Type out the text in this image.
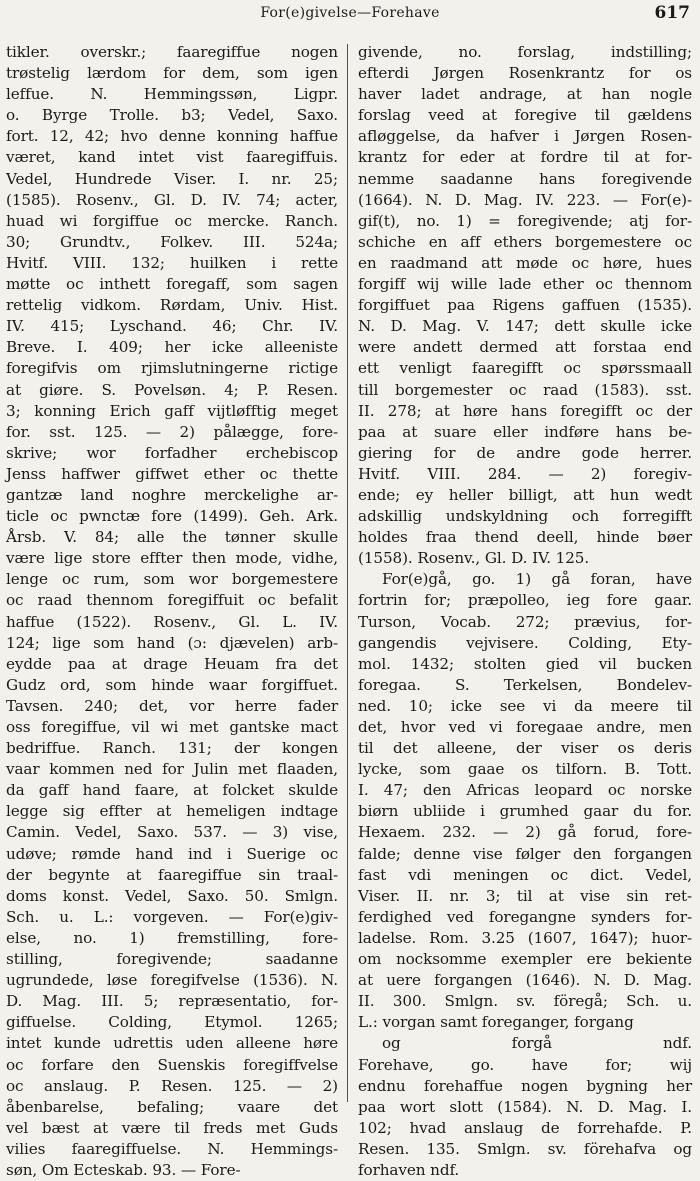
For(e)givelse—Forehave	617
tikler. overskr.; faaregiffue nogen
trøstelig lærdom for dem, som igen
leffue. N. Hemmingssøn, Ligpr.
o. Byrge Trolle. b3; Vedel, Saxo.
fort. 12, 42; hvo denne konning haffue
været, kand intet vist faaregiffuis.
Vedel, Hundrede Viser. I. nr. 25;
(1585). Rosenv., Gl. D. IV. 74; acter,
huad wi forgiffue oc mercke. Ranch.
30; Grundtv., Folkev. III. 524a;
Hvitf. VIII. 132; huilken i rette
møtte oc inthett foregaff, som sagen
rettelig vidkom. Rørdam, Univ. Hist.
IV. 415; Lyschand. 46; Chr. IV.
Breve. I. 409; her icke alleeniste
foregifvis om rjimslutningerne rictige
at giøre. S. Povelsøn. 4; P. Resen.
3; konning Erich gaff vijtløfftig meget
for. sst. 125. — 2) pålægge, fore-
skrive; wor forfadher erchebiscop
Jenss haffwer giffwet ether oc thette
gantzæ land noghre merckelighe ar-
ticle oc pwnctæ fore (1499). Geh. Ark.
Årsb. V. 84; alle the tønner skulle
være lige store effter then mode, vidhe,
lenge oc rum, som wor borgemestere
oc raad thennom foregiffuit oc befalit
haffue (1522). Rosenv., Gl. L. IV.
124; lige som hand (ɔ: djævelen) arb-
eydde paa at drage Heuam fra det
Gudz ord, som hinde waar forgiffuet.
Tavsen. 240; det, vor herre fader
oss foregiffue, vil wi met gantske mact
bedriffue. Ranch. 131; der kongen
vaar kommen ned for Julin met flaaden,
da gaff hand faare, at folcket skulde
legge sig effter at hemeligen indtage
Camin. Vedel, Saxo. 537. — 3) vise,
udøve; rømde hand ind i Suerige oc
der begynte at faaregiffue sin traal-
doms konst. Vedel, Saxo. 50. Smlgn.
Sch. u. L.: vorgeven. — For(e)giv-
else, no. 1) fremstilling, fore-
stilling, foregivende; saadanne
ugrundede, løse foregifvelse (1536). N.
D. Mag. III. 5; repræsentatio, for-
giffuelse. Colding, Etymol. 1265;
intet kunde udrettis uden alleene høre
oc forfare den Suenskis foregiffvelse
oc anslaug. P. Resen. 125. — 2)
åbenbarelse, befaling; vaare det
vel bæst at være til freds met Guds
vilies faaregiffuelse. N. Hemmings-
søn, Om Ecteskab. 93. — Fore-
givende, no. forslag, indstilling;
efterdi Jørgen Rosenkrantz for os
haver ladet andrage, at han nogle
forslag veed at foregive til gældens
afløggelse, da hafver i Jørgen Rosen-
krantz for eder at fordre til at for-
nemme saadanne hans foregivende
(1664). N. D. Mag. IV. 223. — For(e)-
gif(t), no. 1) = foregivende; atj for-
schiche en aff ethers borgemestere oc
en raadmand att møde oc høre, hues
forgiff wij wille lade ether oc thennom
forgiffuet paa Rigens gaffuen (1535).
N. D. Mag. V. 147; dett skulle icke
were andett dermed att forstaa end
ett venligt faaregifft oc spørssmaall
till borgemester oc raad (1583). sst.
II. 278; at høre hans foregifft oc der
paa at suare eller indføre hans be-
giering for de andre gode herrer.
Hvitf. VIII. 284. — 2) foregiv-
ende; ey heller billigt, att hun wedt
adskillig undskyldning och forregifft
holdes fraa thend deell, hinde bøer
(1558). Rosenv., Gl. D. IV. 125.
For(e)gå, go. 1) gå foran, have
fortrin for; præpolleo, ieg fore gaar.
Turson, Vocab. 272; prævius, for-
gangendis vejvisere. Colding, Ety-
mol. 1432; stolten gied vil bucken
foregaa. S. Terkelsen, Bondelev-
ned. 10; icke see vi da meere til
det, hvor ved vi foregaae andre, men
til det alleene, der viser os deris
lycke, som gaae os tilforn. B. Tott.
I. 47; den Africas leopard oc norske
biørn ubliide i grumhed gaar du for.
Hexaem. 232. — 2) gå forud, fore-
falde; denne vise følger den forgangen
fast vdi meningen oc dict. Vedel,
Viser. II. nr. 3; til at vise sin ret-
ferdighed ved foregangne synders for-
ladelse. Rom. 3.25 (1607, 1647); huor-
om nocksomme exempler ere bekiente
at uere forgangen (1646). N. D. Mag.
II. 300. Smlgn. sv. föregå; Sch. u.
L.: vorgan samt foreganger, forgang
og forgå ndf.
Forehave, go. have for; wij
endnu forehaffue nogen bygning her
paa wort slott (1584). N. D. Mag. I.
102; hvad anslaug de forrehafde. P.
Resen. 135. Smlgn. sv. förehafva og
forhaven ndf.
